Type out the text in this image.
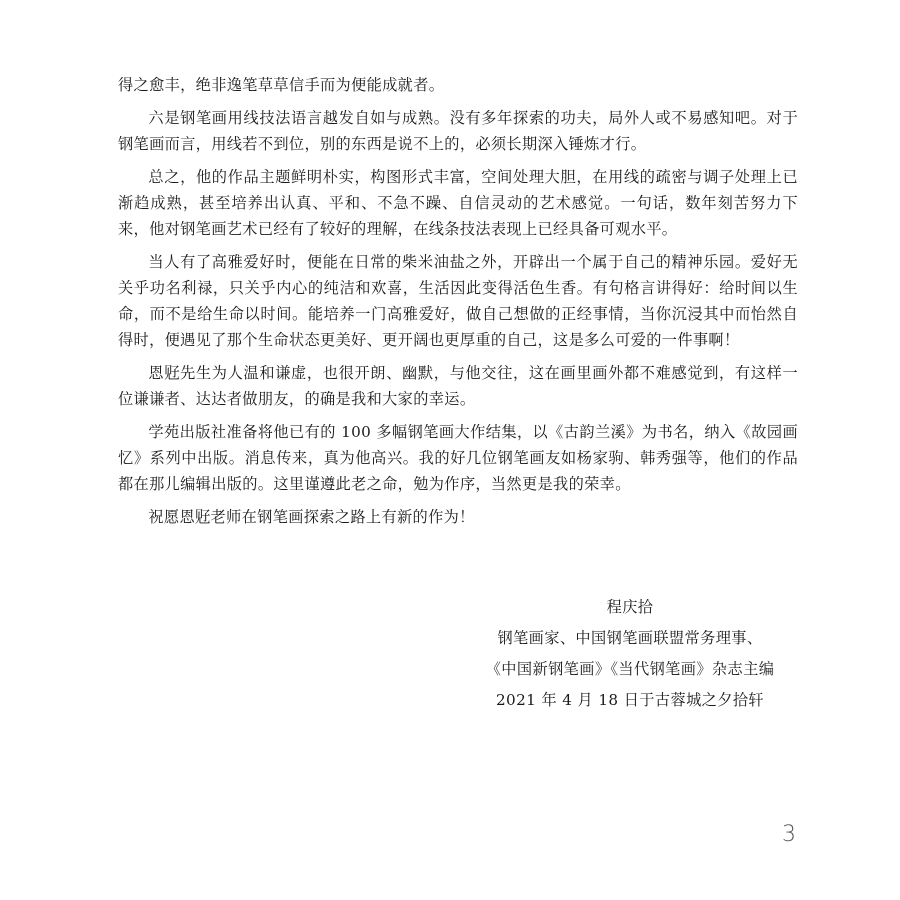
得之愈丰，绝非逸笔草草信手而为便能成就者。

六是钢笔画用线技法语言越发自如与成熟。没有多年探索的功夫，局外人或不易感知吧。对于钢笔画而言，用线若不到位，别的东西是说不上的，必须长期深入锤炼才行。

总之，他的作品主题鲜明朴实，构图形式丰富，空间处理大胆，在用线的疏密与调子处理上已渐趋成熟，甚至培养出认真、平和、不急不躁、自信灵动的艺术感觉。一句话，数年刻苦努力下来，他对钢笔画艺术已经有了较好的理解，在线条技法表现上已经具备可观水平。

当人有了高雅爱好时，便能在日常的柴米油盐之外，开辟出一个属于自己的精神乐园。爱好无关乎功名利禄，只关乎内心的纯洁和欢喜，生活因此变得活色生香。有句格言讲得好：给时间以生命，而不是给生命以时间。能培养一门高雅爱好，做自己想做的正经事情，当你沉浸其中而怡然自得时，便遇见了那个生命状态更美好、更开阔也更厚重的自己，这是多么可爱的一件事啊！

恩觃先生为人温和谦虚，也很开朗、幽默，与他交往，这在画里画外都不难感觉到，有这样一位谦谦者、达达者做朋友，的确是我和大家的幸运。

学苑出版社准备将他已有的 100 多幅钢笔画大作结集，以《古韵兰溪》为书名，纳入《故园画忆》系列中出版。消息传来，真为他高兴。我的好几位钢笔画友如杨家驹、韩秀强等，他们的作品都在那儿编辑出版的。这里谨遵此老之命，勉为作序，当然更是我的荣幸。

祝愿恩觃老师在钢笔画探索之路上有新的作为！

程庆拾
钢笔画家、中国钢笔画联盟常务理事、
《中国新钢笔画》《当代钢笔画》杂志主编
2021 年 4 月 18 日于古蓉城之夕拾轩
3
